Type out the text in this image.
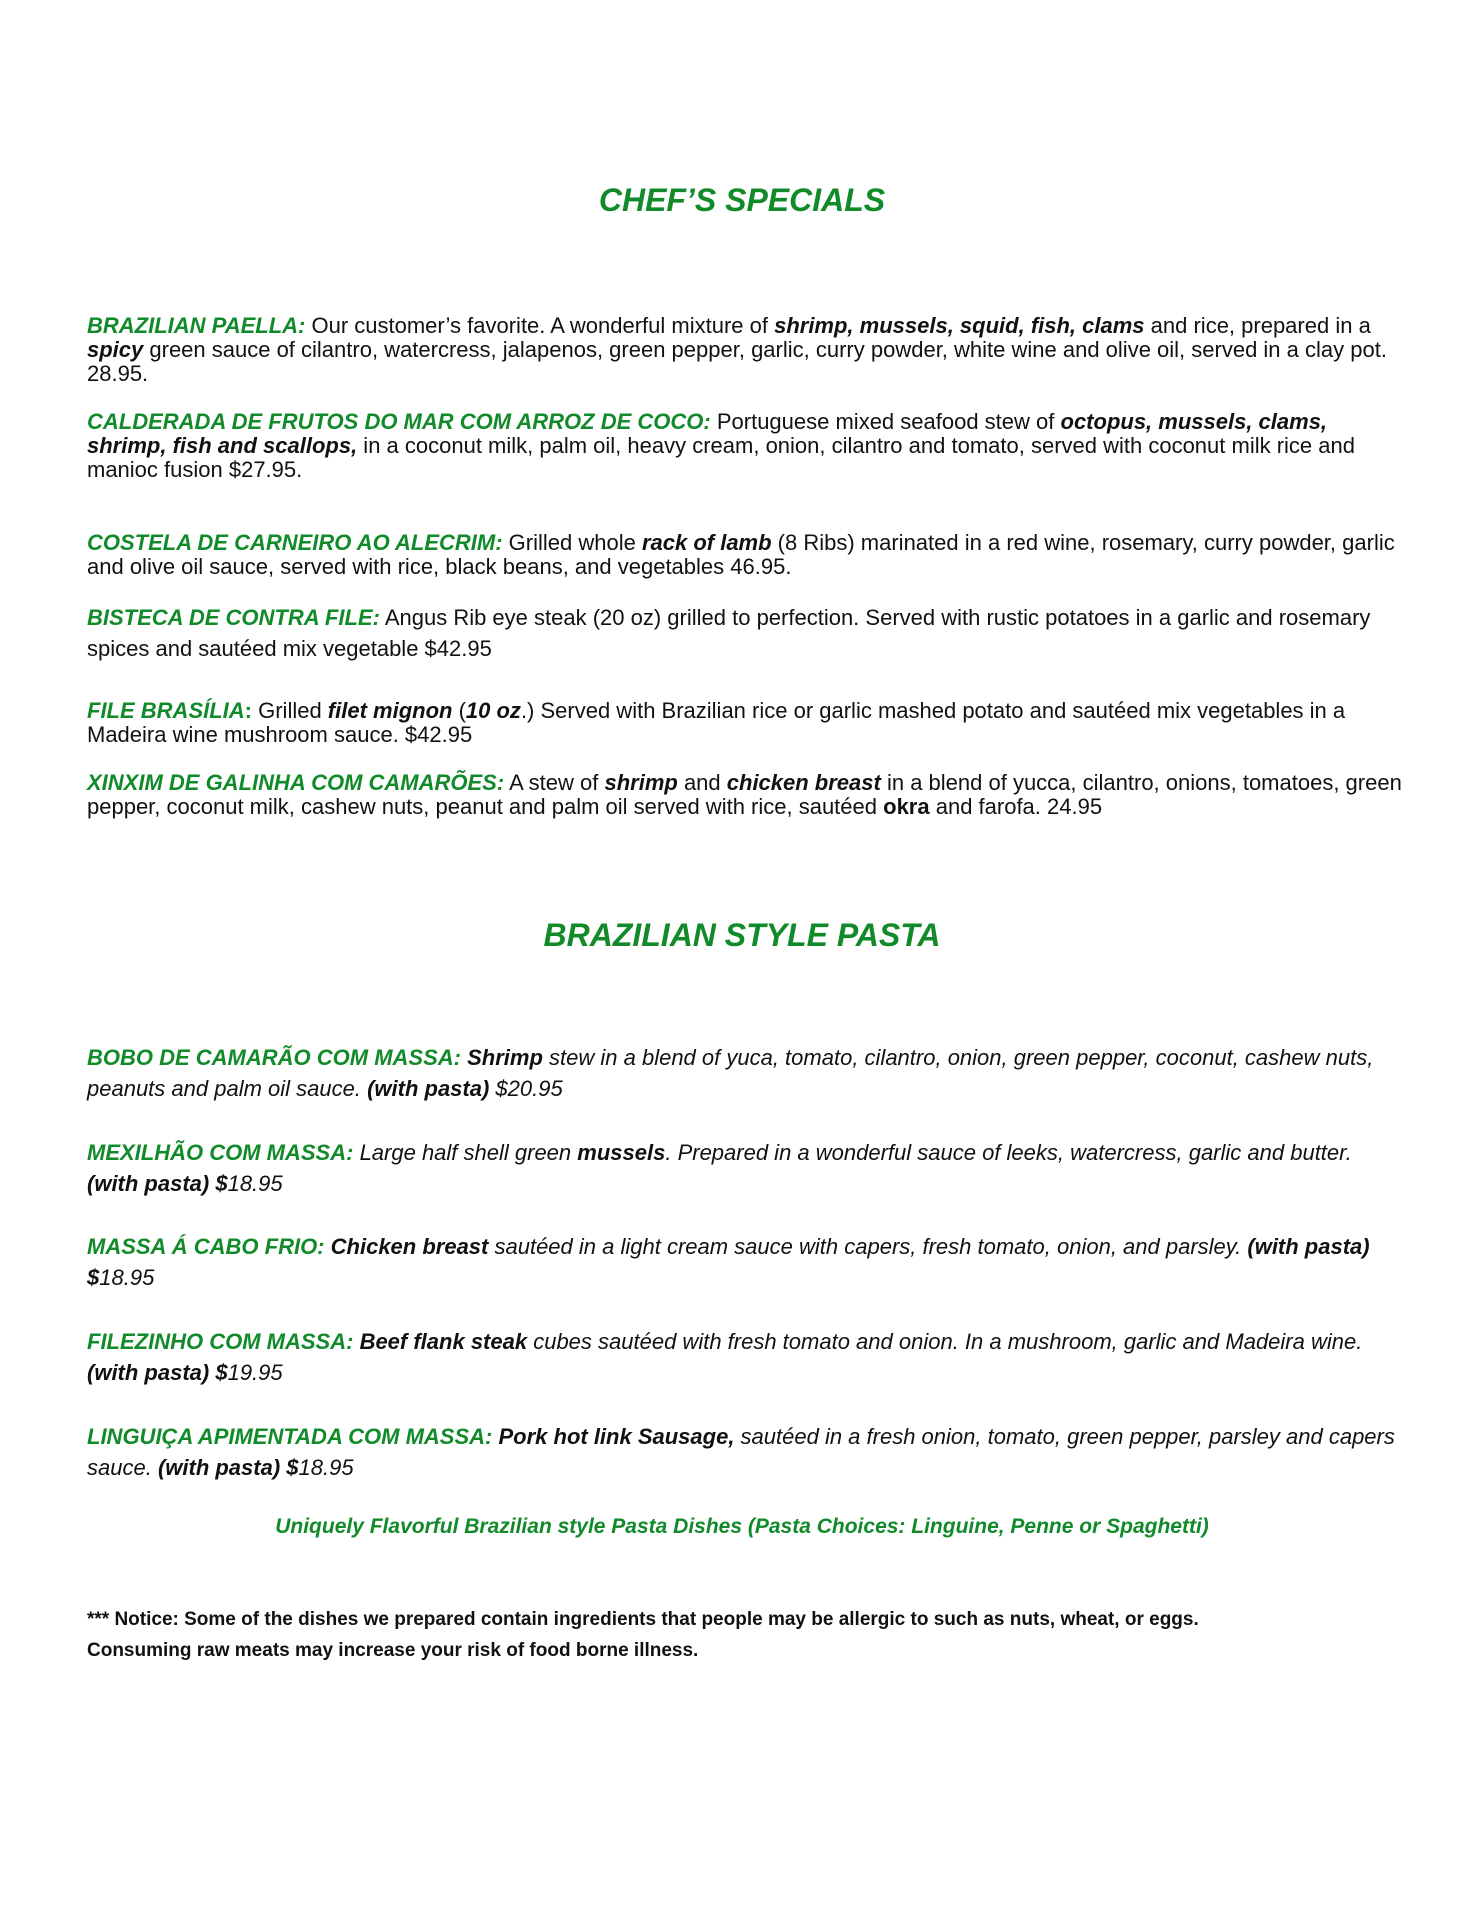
CHEF’S SPECIALS
BRAZILIAN PAELLA: Our customer’s favorite. A wonderful mixture of shrimp, mussels, squid, fish, clams and rice, prepared in a spicy green sauce of cilantro, watercress, jalapenos, green pepper, garlic, curry powder, white wine and olive oil, served in a clay pot. 28.95.
CALDERADA DE FRUTOS DO MAR COM ARROZ DE COCO: Portuguese mixed seafood stew of octopus, mussels, clams, shrimp, fish and scallops, in a coconut milk, palm oil, heavy cream, onion, cilantro and tomato, served with coconut milk rice and manioc fusion $27.95.
COSTELA DE CARNEIRO AO ALECRIM: Grilled whole rack of lamb (8 Ribs) marinated in a red wine, rosemary, curry powder, garlic and olive oil sauce, served with rice, black beans, and vegetables 46.95.
BISTECA DE CONTRA FILE: Angus Rib eye steak (20 oz) grilled to perfection. Served with rustic potatoes in a garlic and rosemary spices and sautéed mix vegetable $42.95
FILE BRASÍLIA: Grilled filet mignon (10 oz.) Served with Brazilian rice or garlic mashed potato and sautéed mix vegetables in a Madeira wine mushroom sauce. $42.95
XINXIM DE GALINHA COM CAMARÕES: A stew of shrimp and chicken breast in a blend of yucca, cilantro, onions, tomatoes, green pepper, coconut milk, cashew nuts, peanut and palm oil served with rice, sautéed okra and farofa. 24.95
BRAZILIAN STYLE PASTA
BOBO DE CAMARÃO COM MASSA: Shrimp stew in a blend of yuca, tomato, cilantro, onion, green pepper, coconut, cashew nuts, peanuts and palm oil sauce. (with pasta) $20.95
MEXILHÃO COM MASSA: Large half shell green mussels. Prepared in a wonderful sauce of leeks, watercress, garlic and butter. (with pasta) $18.95
MASSA Á CABO FRIO: Chicken breast sautéed in a light cream sauce with capers, fresh tomato, onion, and parsley. (with pasta) $18.95
FILEZINHO COM MASSA: Beef flank steak cubes sautéed with fresh tomato and onion. In a mushroom, garlic and Madeira wine. (with pasta) $19.95
LINGUIÇA APIMENTADA COM MASSA: Pork hot link Sausage, sautéed in a fresh onion, tomato, green pepper, parsley and capers sauce. (with pasta) $18.95
Uniquely Flavorful Brazilian style Pasta Dishes (Pasta Choices: Linguine, Penne or Spaghetti)
*** Notice: Some of the dishes we prepared contain ingredients that people may be allergic to such as nuts, wheat, or eggs.
Consuming raw meats may increase your risk of food borne illness.
